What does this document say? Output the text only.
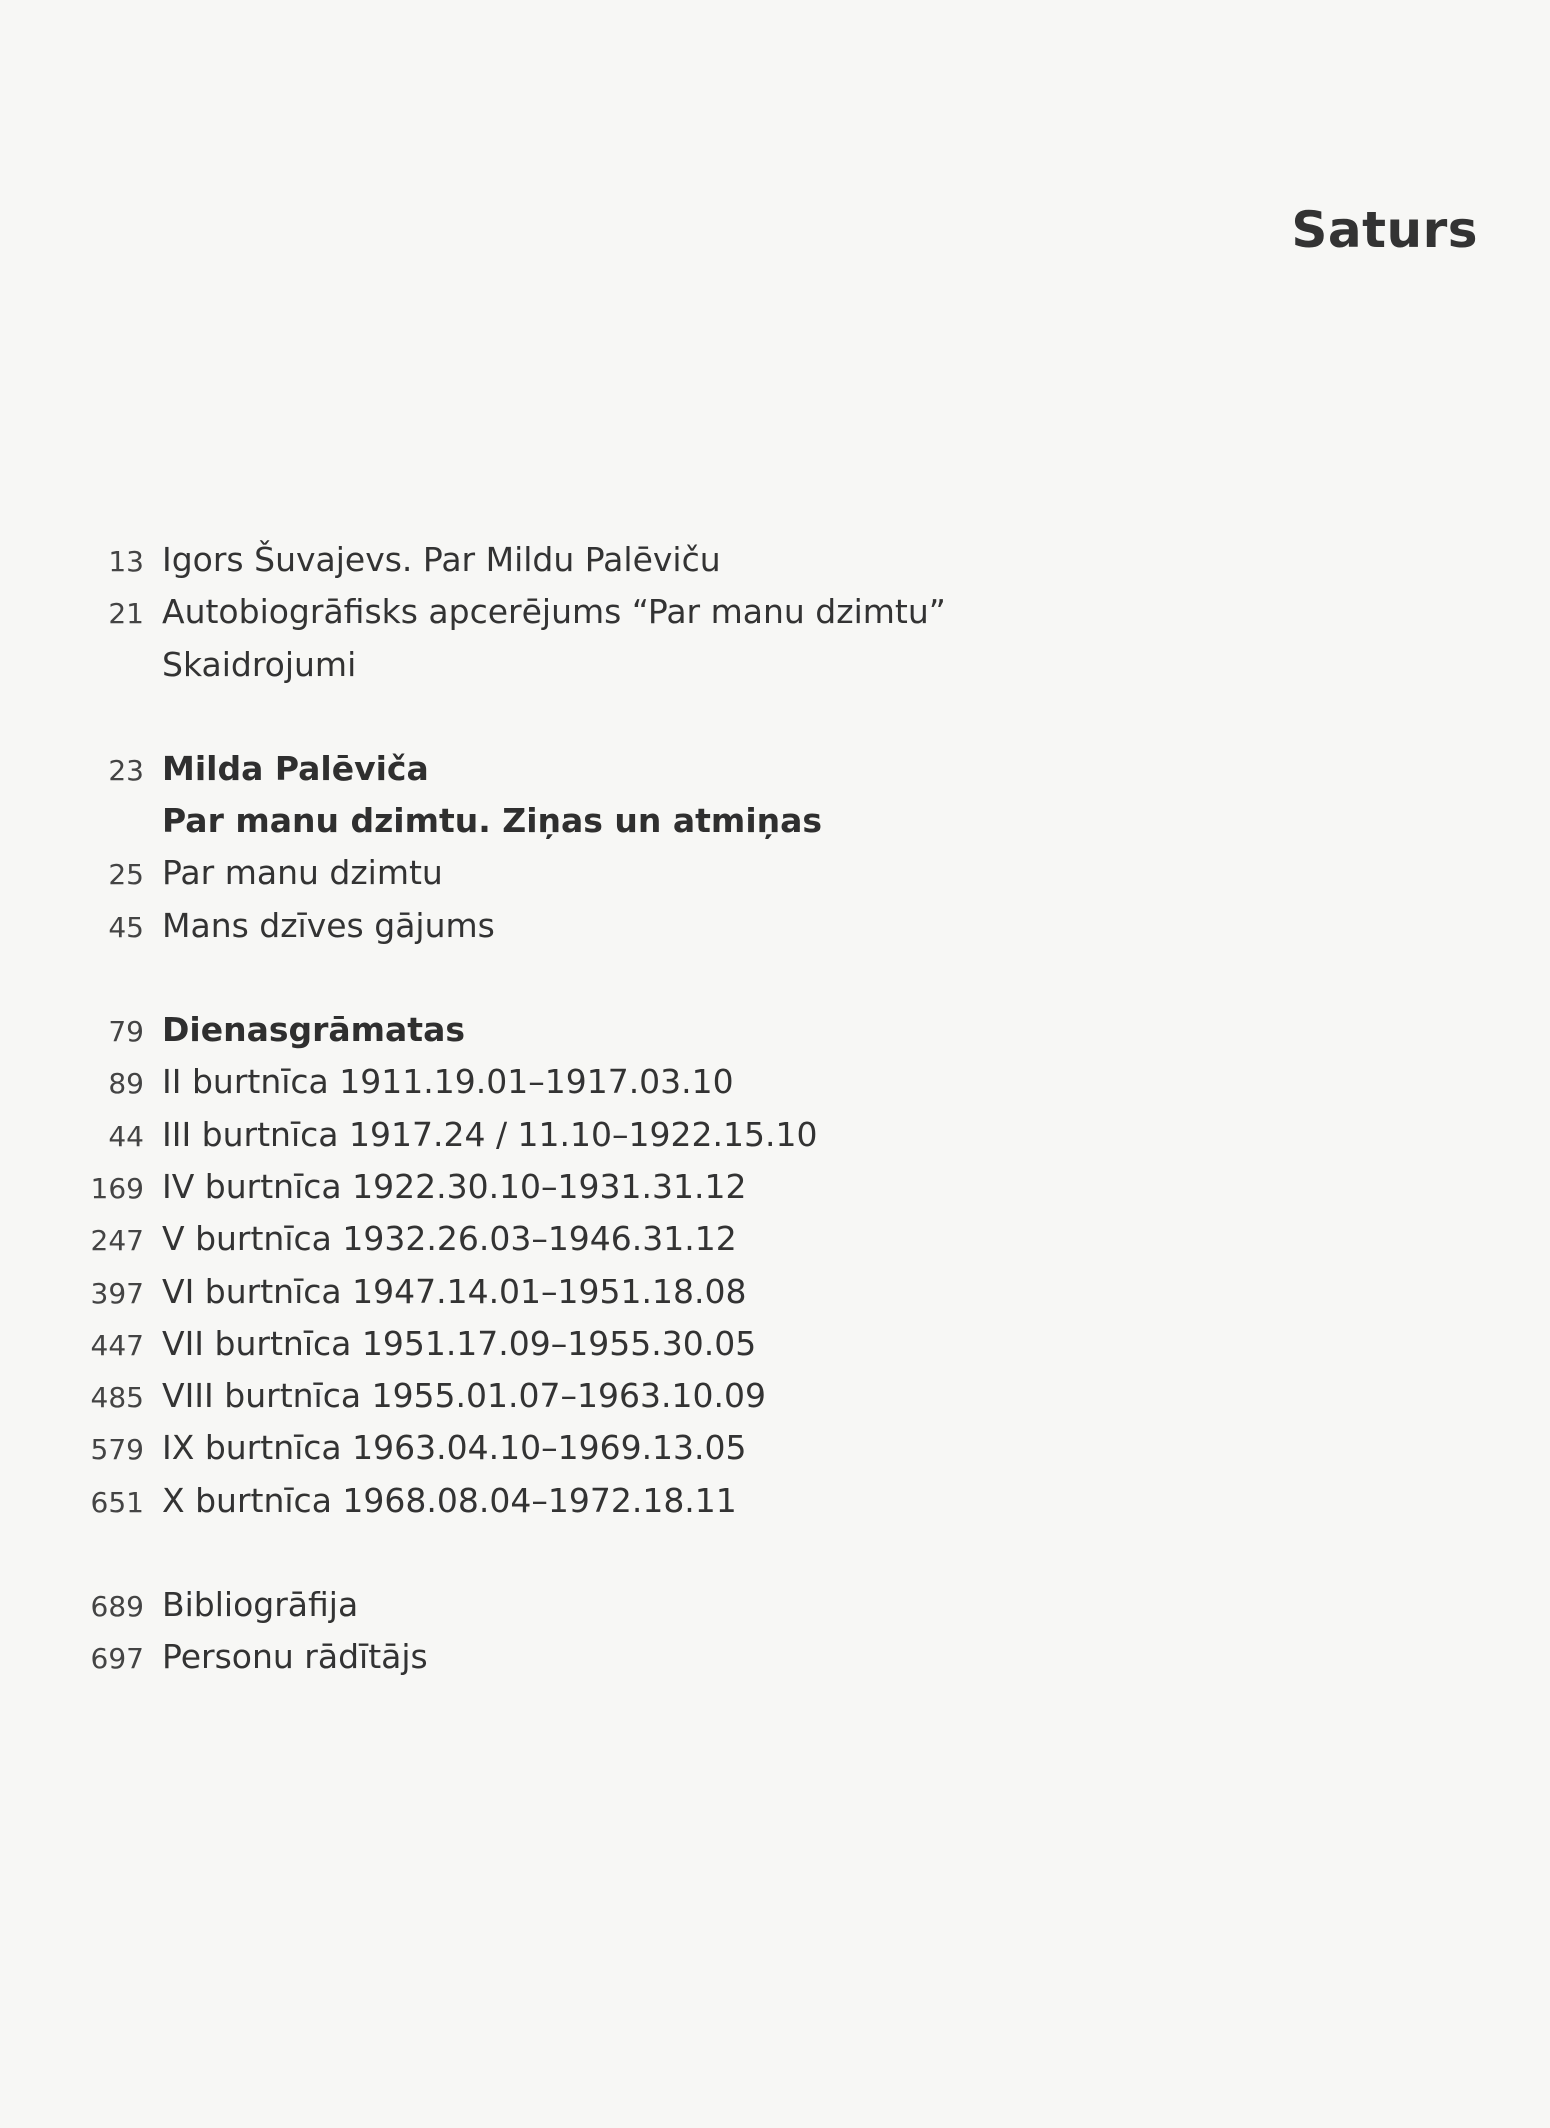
Saturs
13 Igors Šuvajevs. Par Mildu Palēviču
21 Autobiogrāfisks apcerējums “Par manu dzimtu”
Skaidrojumi
23 Milda Palēviča
Par manu dzimtu. Ziņas un atmiņas
25 Par manu dzimtu
45 Mans dzīves gājums
79 Dienasgrāmatas
89 II burtnīca 1911.19.01–1917.03.10
44 III burtnīca 1917.24 / 11.10–1922.15.10
169 IV burtnīca 1922.30.10–1931.31.12
247 V burtnīca 1932.26.03–1946.31.12
397 VI burtnīca 1947.14.01–1951.18.08
447 VII burtnīca 1951.17.09–1955.30.05
485 VIII burtnīca 1955.01.07–1963.10.09
579 IX burtnīca 1963.04.10–1969.13.05
651 X burtnīca 1968.08.04–1972.18.11
689 Bibliogrāfija
697 Personu rādītājs
